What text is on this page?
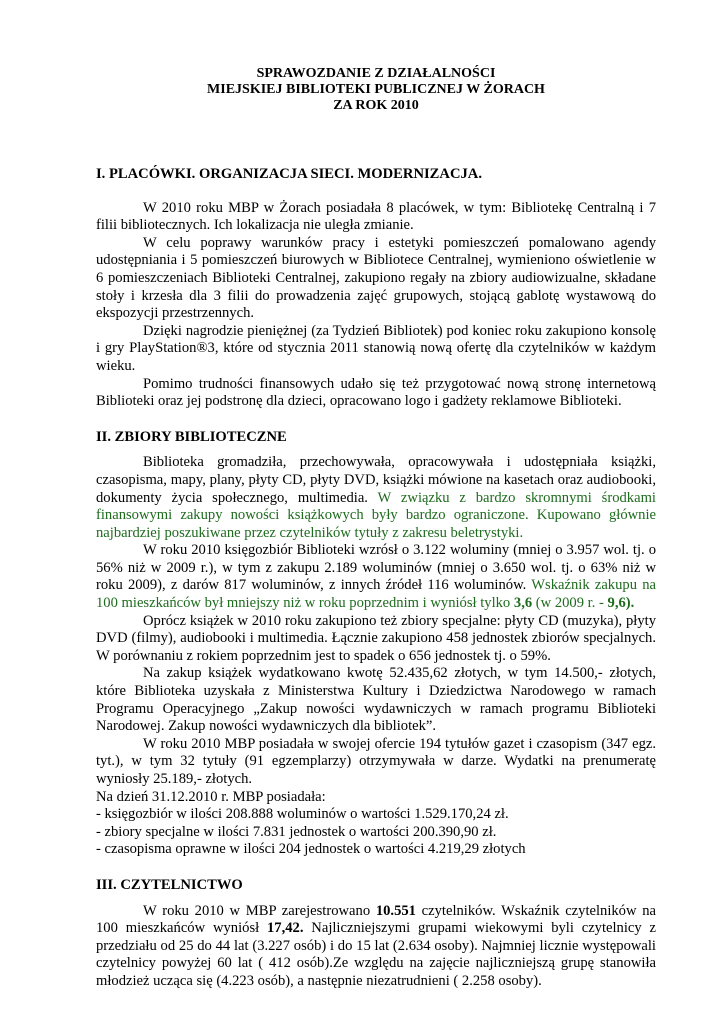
SPRAWOZDANIE Z DZIAŁALNOŚCI
MIEJSKIEJ BIBLIOTEKI PUBLICZNEJ W ŻORACH
ZA ROK 2010

I. PLACÓWKI. ORGANIZACJA SIECI. MODERNIZACJA.

W 2010 roku MBP w Żorach posiadała 8 placówek, w tym: Bibliotekę Centralną i 7 filii bibliotecznych. Ich lokalizacja nie uległa zmianie.

W celu poprawy warunków pracy i estetyki pomieszczeń pomalowano agendy udostępniania i 5 pomieszczeń biurowych w Bibliotece Centralnej, wymieniono oświetlenie w 6 pomieszczeniach Biblioteki Centralnej, zakupiono regały na zbiory audiowizualne, składane stoły i krzesła dla 3 filii do prowadzenia zajęć grupowych, stojącą gablotę wystawową do ekspozycji przestrzennych.

Dzięki nagrodzie pieniężnej (za Tydzień Bibliotek) pod koniec roku zakupiono konsolę i gry PlayStation®3, które od stycznia 2011 stanowią nową ofertę dla czytelników w każdym wieku.

Pomimo trudności finansowych udało się też przygotować nową stronę internetową Biblioteki oraz jej podstronę dla dzieci, opracowano logo i gadżety reklamowe Biblioteki.

II. ZBIORY BIBLIOTECZNE

Biblioteka gromadziła, przechowywała, opracowywała i udostępniała książki, czasopisma, mapy, plany, płyty CD, płyty DVD, książki mówione na kasetach oraz audiobooki, dokumenty życia społecznego, multimedia. W związku z bardzo skromnymi środkami finansowymi zakupy nowości książkowych były bardzo ograniczone. Kupowano głównie najbardziej poszukiwane przez czytelników tytuły z zakresu beletrystyki.

W roku 2010 księgozbiór Biblioteki wzrósł o 3.122 woluminy (mniej o 3.957 wol. tj. o 56% niż w 2009 r.), w tym z zakupu 2.189 woluminów (mniej o 3.650 wol. tj. o 63% niż w roku 2009), z darów 817 woluminów, z innych źródeł 116 woluminów. Wskaźnik zakupu na 100 mieszkańców był mniejszy niż w roku poprzednim i wyniósł tylko 3,6 (w 2009 r. - 9,6).

Oprócz książek w 2010 roku zakupiono też zbiory specjalne: płyty CD (muzyka), płyty DVD (filmy), audiobooki i multimedia. Łącznie zakupiono 458 jednostek zbiorów specjalnych. W porównaniu z rokiem poprzednim jest to spadek o 656 jednostek tj. o 59%.

Na zakup książek wydatkowano kwotę 52.435,62 złotych, w tym 14.500,- złotych, które Biblioteka uzyskała z Ministerstwa Kultury i Dziedzictwa Narodowego w ramach Programu Operacyjnego „Zakup nowości wydawniczych w ramach programu Biblioteki Narodowej. Zakup nowości wydawniczych dla bibliotek”.

W roku 2010 MBP posiadała w swojej ofercie 194 tytułów gazet i czasopism (347 egz. tyt.), w tym 32 tytuły (91 egzemplarzy) otrzymywała w darze. Wydatki na prenumeratę wyniosły 25.189,- złotych.

Na dzień 31.12.2010 r. MBP posiadała:

- księgozbiór w ilości 208.888 woluminów o wartości 1.529.170,24 zł.

- zbiory specjalne w ilości 7.831 jednostek o wartości 200.390,90 zł.

- czasopisma oprawne w ilości 204 jednostek o wartości 4.219,29 złotych

III. CZYTELNICTWO

W roku 2010 w MBP zarejestrowano 10.551 czytelników. Wskaźnik czytelników na 100 mieszkańców wyniósł 17,42. Najliczniejszymi grupami wiekowymi byli czytelnicy z przedziału od 25 do 44 lat (3.227 osób) i do 15 lat (2.634 osoby). Najmniej licznie występowali czytelnicy powyżej 60 lat ( 412 osób).Ze względu na zajęcie najliczniejszą grupę stanowiła młodzież ucząca się (4.223 osób), a następnie niezatrudnieni ( 2.258 osoby).
